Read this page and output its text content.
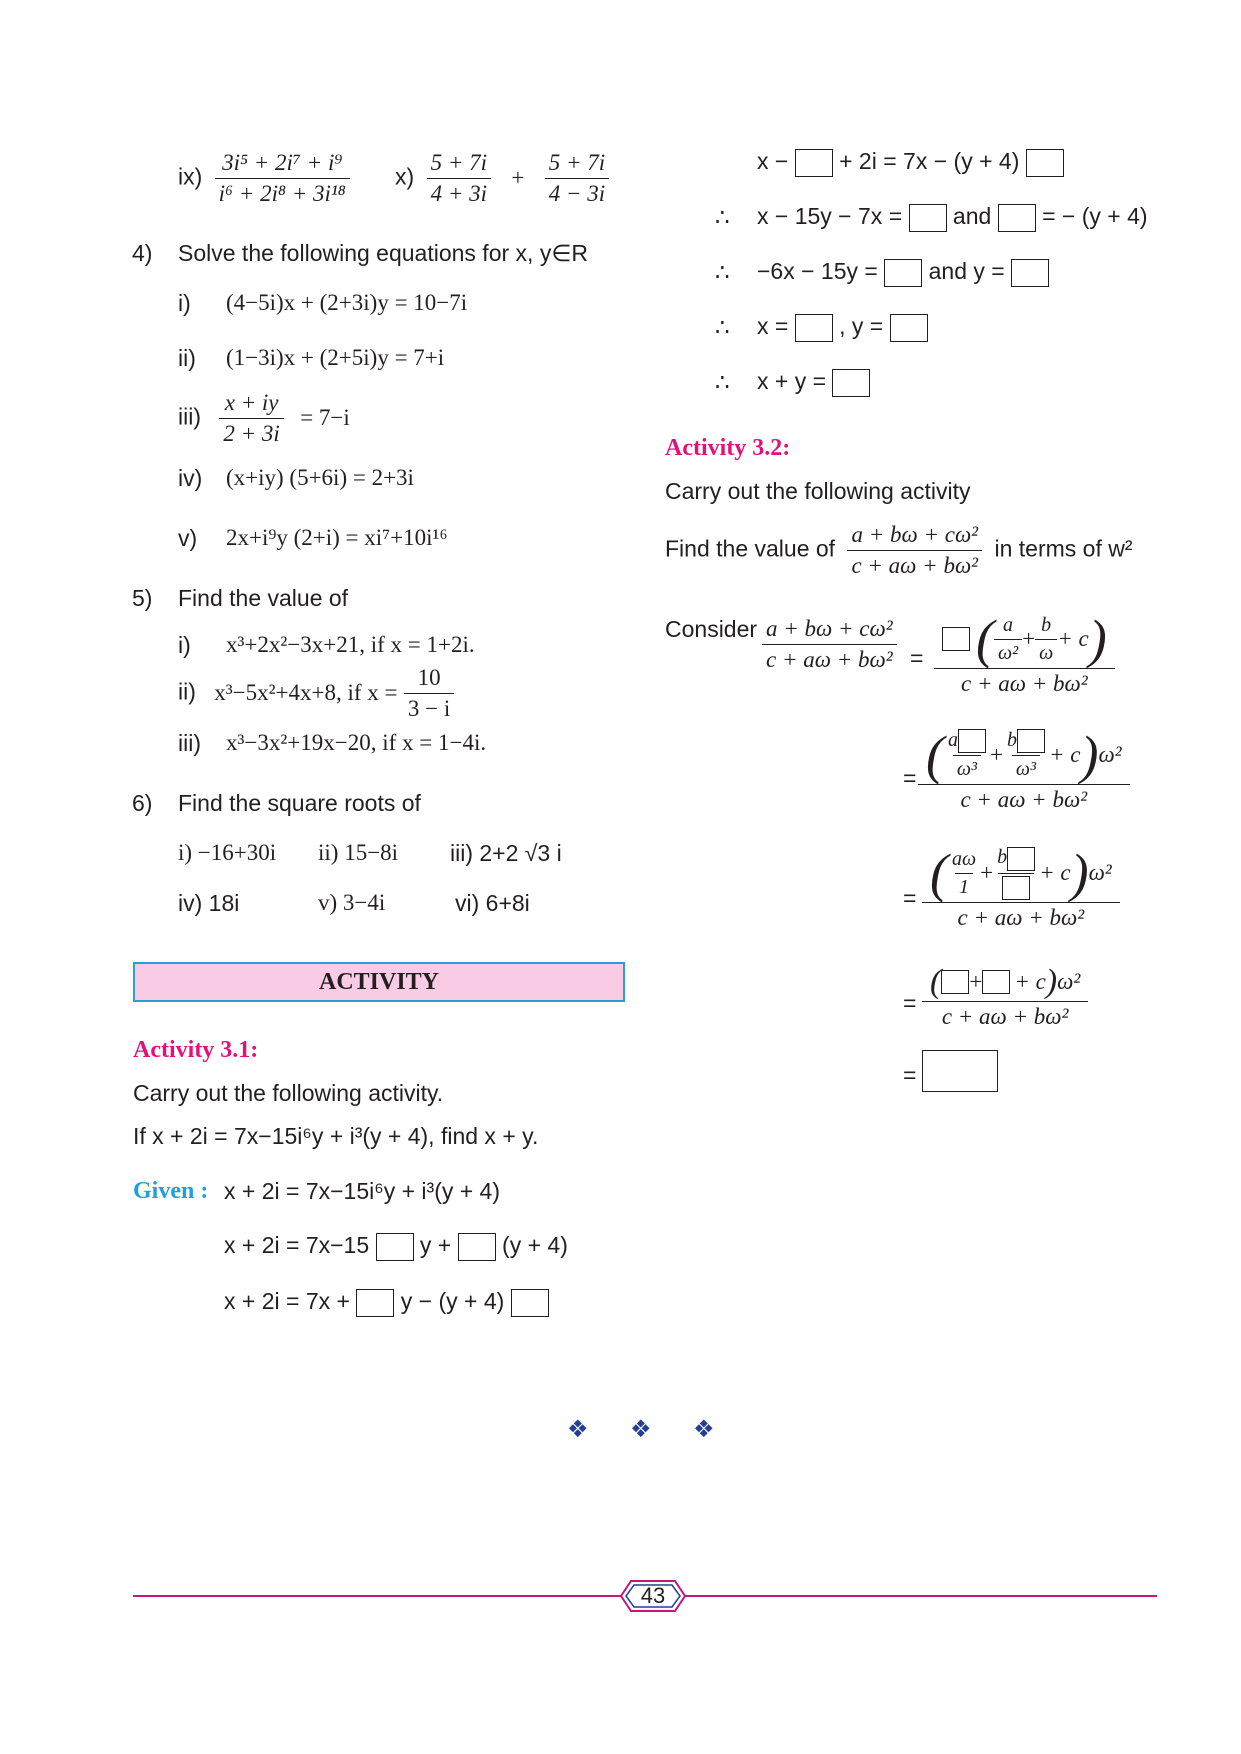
$ix) \frac{\text{3i⁵ + 2i⁷ + i⁹}}{\text{i⁶ + 2i⁸ + 3i¹⁸}} x) \frac{5 + 7i}{4 + 3i} + \frac{5 + 7i}{4 - 3i}$
4) Solve the following equations for x, y∈R
i) (4−5i)x + (2+3i)y = 10−7i
ii) (1−3i)x + (2+5i)y = 7+i
$iii) \frac{x + iy}{2 + 3i} = 7-i$
iv) (x+iy) (5+6i) = 2+3i
v) 2x+i⁹y (2+i) = xi⁷+10i¹⁶
5) Find the value of
i) x³+2x²−3x+21, if x = 1+2i.
ii) x³−5x²+4x+8, if $x = \frac{10}{3 - i}$
iii) x³−3x²+19x−20, if x = 1−4i.
6) Find the square roots of
i) −16+30i ii) 15−8i iii) 2+2 √3 i
iv) 18i	v) 3−4i	vi) 6+8i
ACTIVITY
Activity 3.1:
Carry out the following activity.
If x + 2i = 7x−15i⁶y + i³(y + 4), find x + y.
Given : x + 2i = 7x−15i⁶y + i³(y + 4)
x + 2i = 7x−15 y + (y + 4)
x + 2i = 7x + y − (y + 4)
x − + 2i = 7x − (y + 4)
∴ x − 15y − 7x = and = − (y + 4)
∴ −6x − 15y = and y =
∴ x = , y =
∴ x + y =
Activity 3.2:
Carry out the following activity
Find the value of $\frac{\text{a + bω + cω²}}{\text{c + aω + bω²}}$ in terms of w²
Consider $\frac{\text{a + bω + cω²}}{\text{c + aω + bω²}}$ = ( $\frac{a}{\text{ω²}} + \frac{b}{\omega} + c$ )
c + aω + bω²
= ( $\frac{a}{\text{ω³}} + \frac{b}{\text{ω³}} + c$ ) ω²
c + aω + bω²
= ( $\frac{a\omega}{1}$ +
b
+ c ) ω²
c + aω + bω²
= $\frac{\text{( + + c ) ω²}}{\text{c + aω + bω²}}$
=
❖ ❖ ❖
43
